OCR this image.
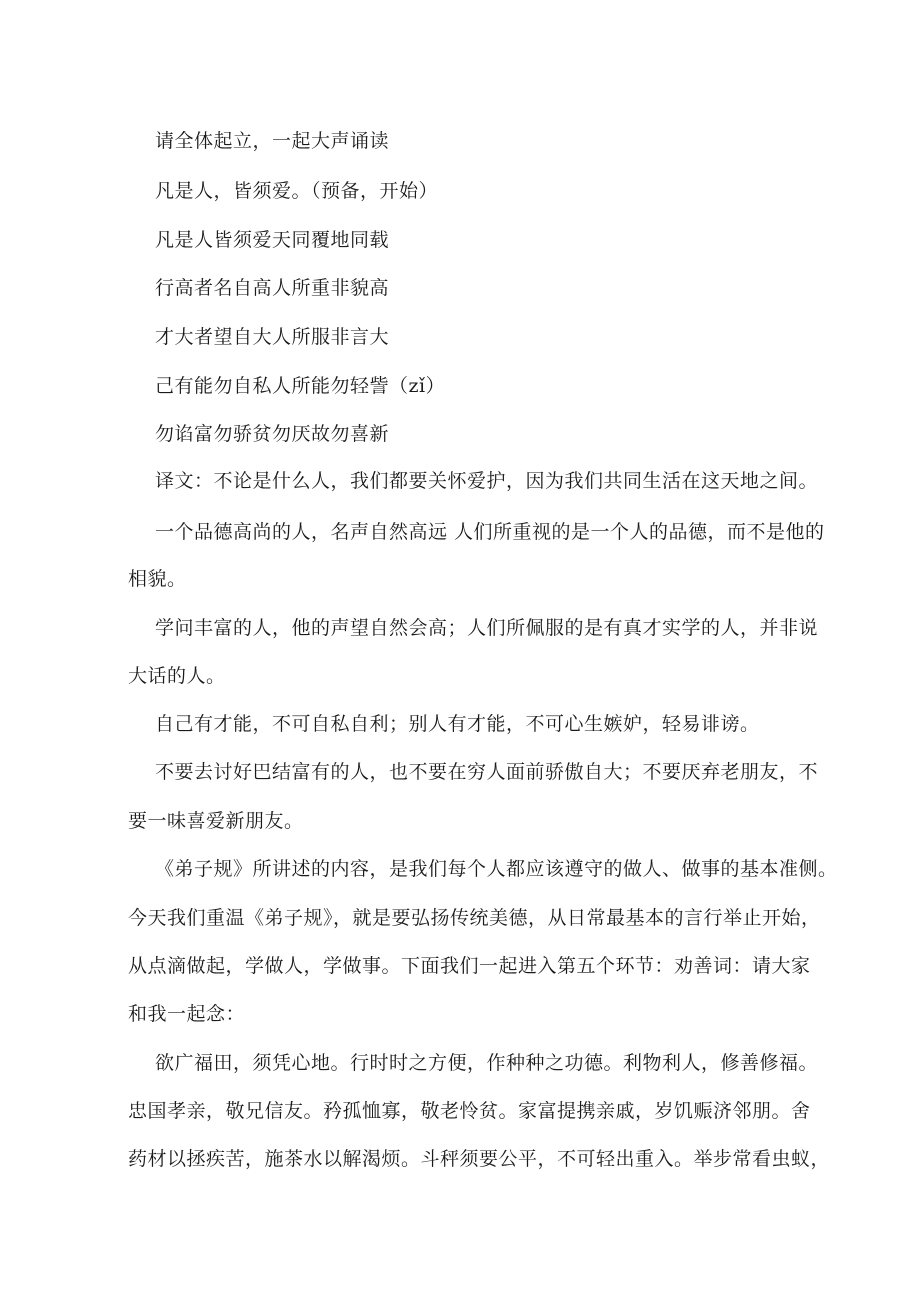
请全体起立，一起大声诵读
凡是人，皆须爱。（预备，开始）
凡是人皆须爱天同覆地同载
行高者名自高人所重非貌高
才大者望自大人所服非言大
己有能勿自私人所能勿轻訾（zǐ）
勿谄富勿骄贫勿厌故勿喜新
译文：不论是什么人，我们都要关怀爱护，因为我们共同生活在这天地之间。
一个品德高尚的人，名声自然高远 人们所重视的是一个人的品德，而不是他的
相貌。
学问丰富的人，他的声望自然会高；人们所佩服的是有真才实学的人，并非说
大话的人。
自己有才能，不可自私自利；别人有才能，不可心生嫉妒，轻易诽谤。
不要去讨好巴结富有的人，也不要在穷人面前骄傲自大；不要厌弃老朋友，不
要一味喜爱新朋友。
《弟子规》所讲述的内容，是我们每个人都应该遵守的做人、做事的基本准侧。
今天我们重温《弟子规》，就是要弘扬传统美德，从日常最基本的言行举止开始，
从点滴做起，学做人，学做事。下面我们一起进入第五个环节：劝善词：请大家
和我一起念：
欲广福田，须凭心地。行时时之方便，作种种之功德。利物利人，修善修福。
忠国孝亲，敬兄信友。矜孤恤寡，敬老怜贫。家富提携亲戚，岁饥赈济邻朋。舍
药材以拯疾苦，施茶水以解渴烦。斗秤须要公平，不可轻出重入。举步常看虫蚁，
